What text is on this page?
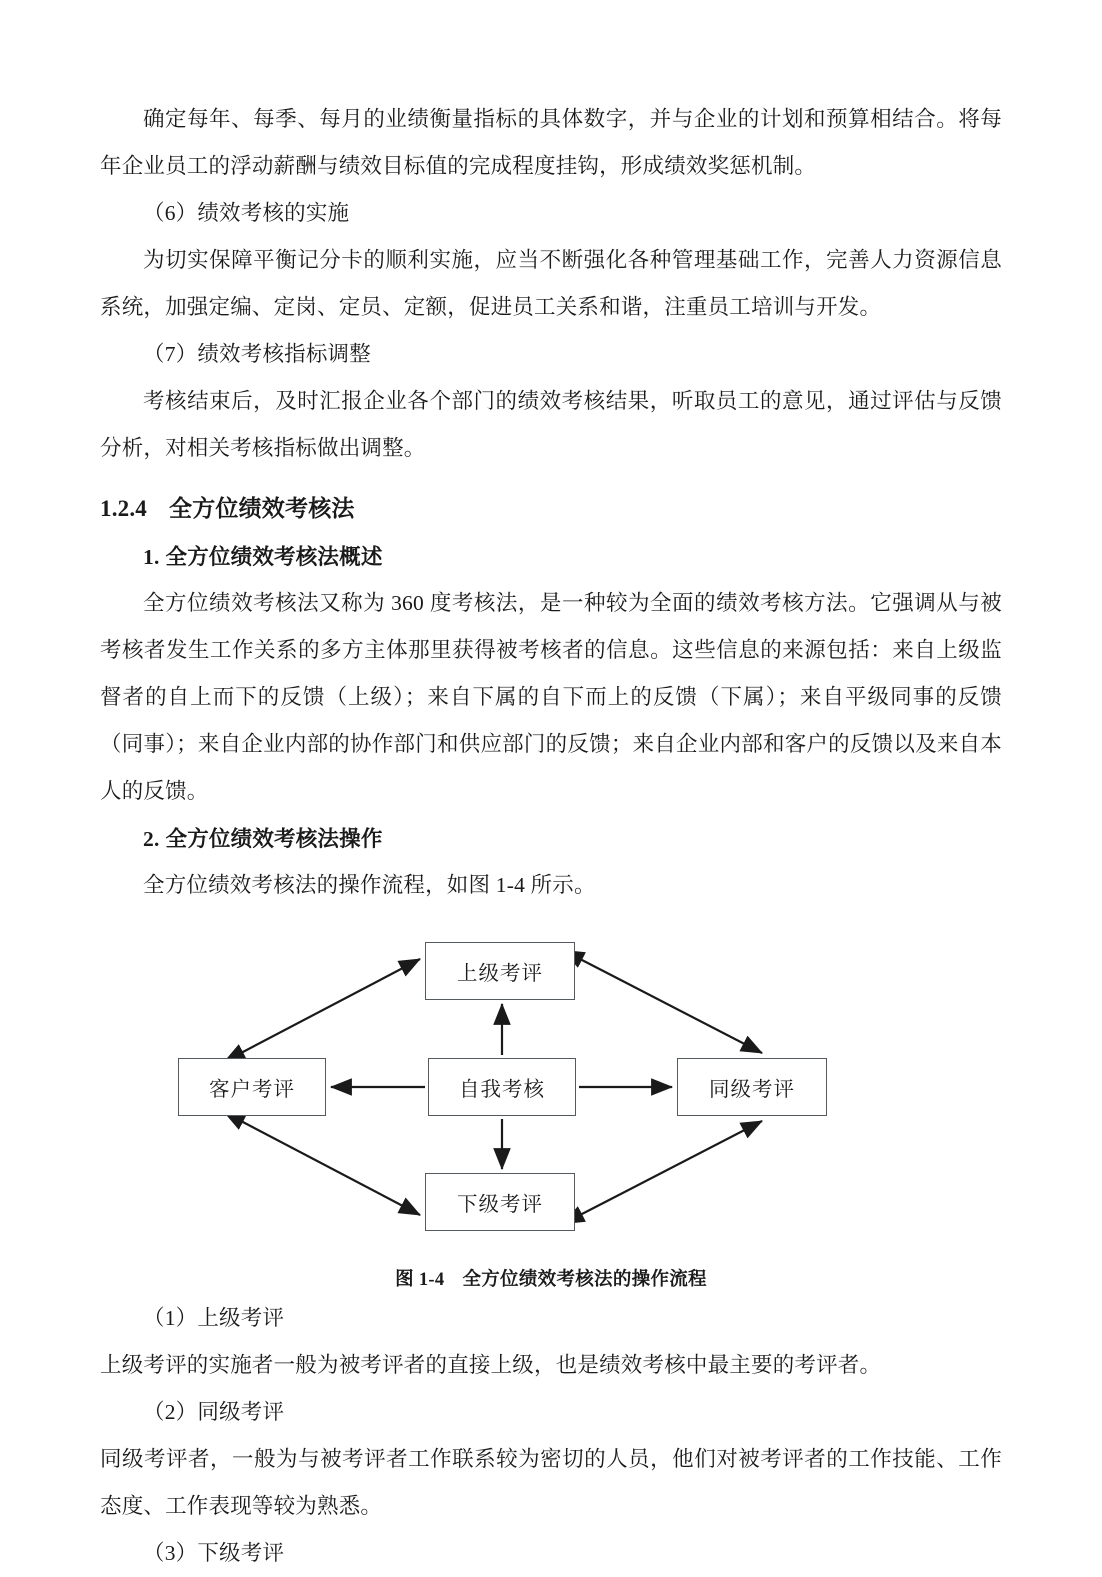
确定每年、每季、每月的业绩衡量指标的具体数字，并与企业的计划和预算相结合。将每年企业员工的浮动薪酬与绩效目标值的完成程度挂钩，形成绩效奖惩机制。

（6）绩效考核的实施

为切实保障平衡记分卡的顺利实施，应当不断强化各种管理基础工作，完善人力资源信息系统，加强定编、定岗、定员、定额，促进员工关系和谐，注重员工培训与开发。

（7）绩效考核指标调整

考核结束后，及时汇报企业各个部门的绩效考核结果，听取员工的意见，通过评估与反馈分析，对相关考核指标做出调整。

1.2.4 全方位绩效考核法
1. 全方位绩效考核法概述

全方位绩效考核法又称为 360 度考核法，是一种较为全面的绩效考核方法。它强调从与被考核者发生工作关系的多方主体那里获得被考核者的信息。这些信息的来源包括：来自上级监督者的自上而下的反馈（上级）；来自下属的自下而上的反馈（下属）；来自平级同事的反馈（同事）；来自企业内部的协作部门和供应部门的反馈；来自企业内部和客户的反馈以及来自本人的反馈。

2. 全方位绩效考核法操作

全方位绩效考核法的操作流程，如图 1-4 所示。

上级考评
客户考评	自我考核	同级考评
下级考评

图 1-4 全方位绩效考核法的操作流程

（1）上级考评

上级考评的实施者一般为被考评者的直接上级，也是绩效考核中最主要的考评者。

（2）同级考评

同级考评者，一般为与被考评者工作联系较为密切的人员，他们对被考评者的工作技能、工作态度、工作表现等较为熟悉。

（3）下级考评
